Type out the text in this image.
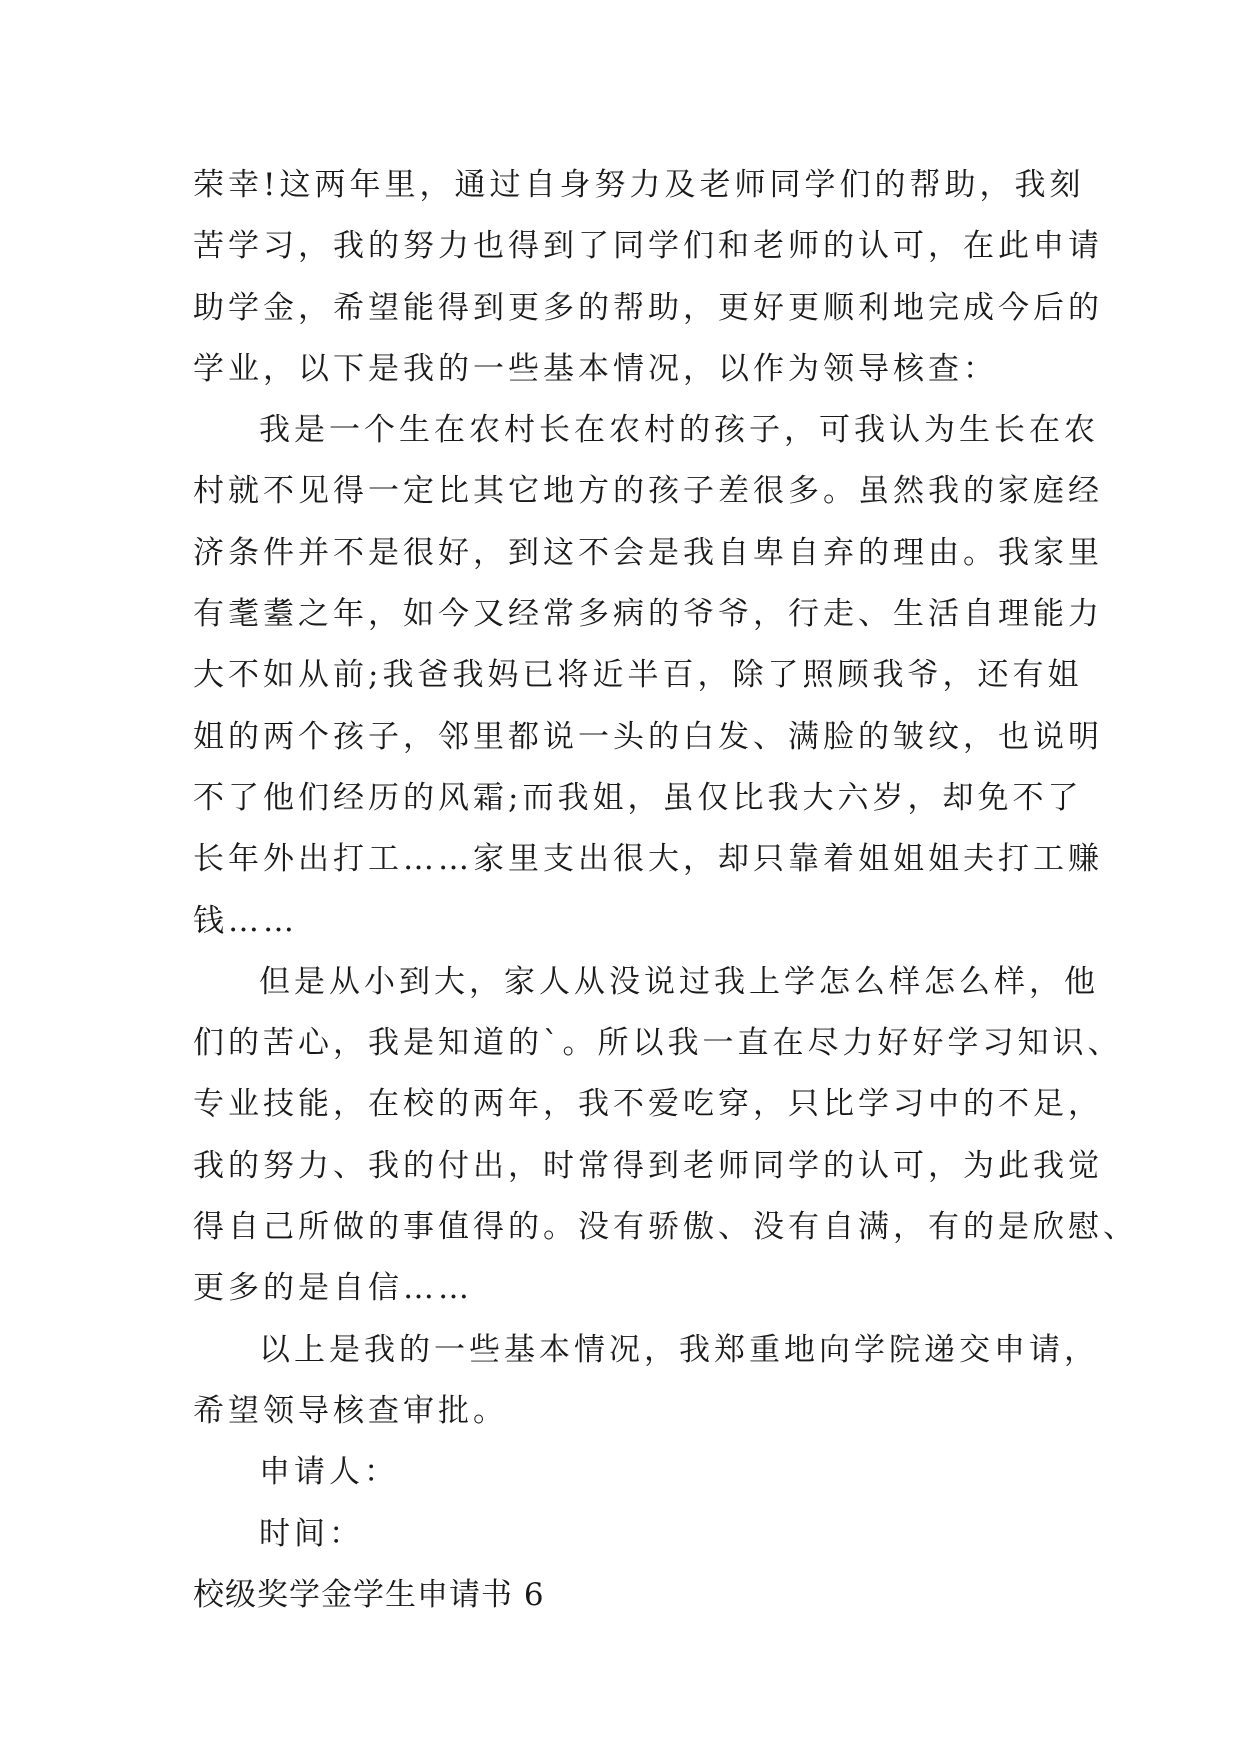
荣幸!这两年里，通过自身努力及老师同学们的帮助，我刻
苦学习，我的努力也得到了同学们和老师的认可，在此申请
助学金，希望能得到更多的帮助，更好更顺利地完成今后的
学业，以下是我的一些基本情况，以作为领导核查：
我是一个生在农村长在农村的孩子，可我认为生长在农
村就不见得一定比其它地方的孩子差很多。虽然我的家庭经
济条件并不是很好，到这不会是我自卑自弃的理由。我家里
有耄耋之年，如今又经常多病的爷爷，行走、生活自理能力
大不如从前;我爸我妈已将近半百，除了照顾我爷，还有姐
姐的两个孩子，邻里都说一头的白发、满脸的皱纹，也说明
不了他们经历的风霜;而我姐，虽仅比我大六岁，却免不了
长年外出打工……家里支出很大，却只靠着姐姐姐夫打工赚
钱……
但是从小到大，家人从没说过我上学怎么样怎么样，他
们的苦心，我是知道的`。所以我一直在尽力好好学习知识、
专业技能，在校的两年，我不爱吃穿，只比学习中的不足，
我的努力、我的付出，时常得到老师同学的认可，为此我觉
得自己所做的事值得的。没有骄傲、没有自满，有的是欣慰、
更多的是自信……
以上是我的一些基本情况，我郑重地向学院递交申请，
希望领导核查审批。
申请人：
时间：
校级奖学金学生申请书 6
